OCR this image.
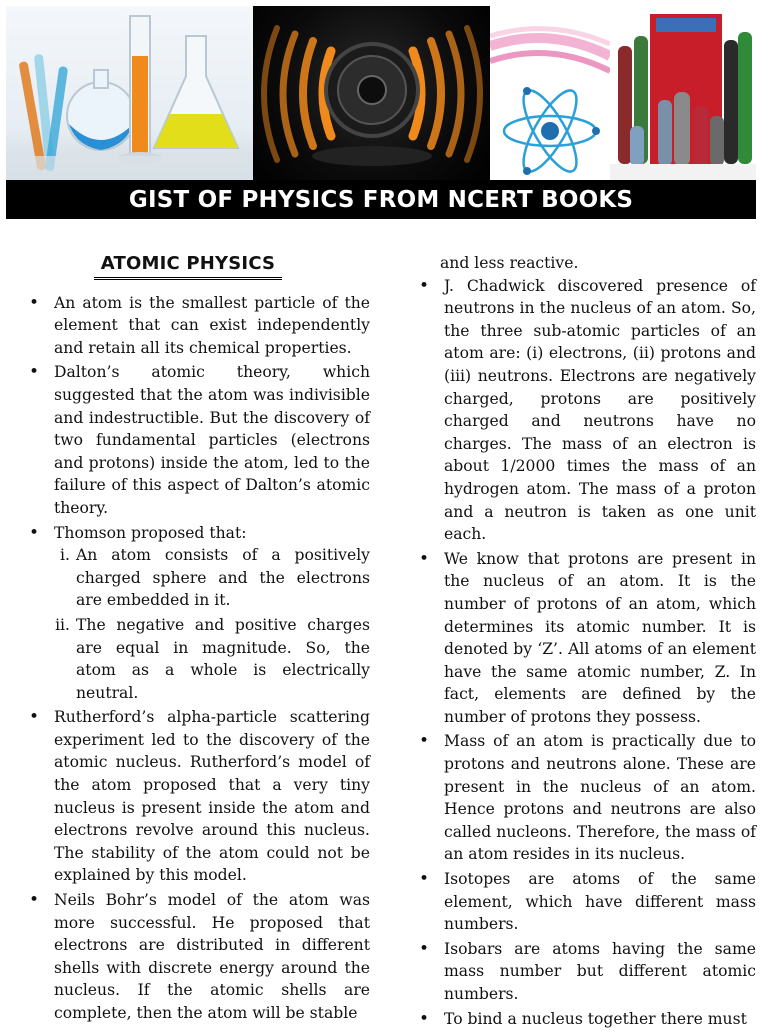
GIST OF PHYSICS FROM NCERT BOOKS
ATOMIC PHYSICS
• An atom is the smallest particle of the element that can exist independently and retain all its chemical properties.
• Dalton’s atomic theory, which suggested that the atom was indivisible and indestructible. But the discovery of two fundamental particles (electrons and protons) inside the atom, led to the failure of this aspect of Dalton’s atomic theory.
• Thomson proposed that:
i. An atom consists of a positively charged sphere and the electrons are embedded in it.
ii. The negative and positive charges are equal in magnitude. So, the atom as a whole is electrically neutral.
• Rutherford’s alpha-particle scattering experiment led to the discovery of the atomic nucleus. Rutherford’s model of the atom proposed that a very tiny nucleus is present inside the atom and electrons revolve around this nucleus. The stability of the atom could not be explained by this model.
• Neils Bohr’s model of the atom was more successful. He proposed that electrons are distributed in different shells with discrete energy around the nucleus. If the atomic shells are complete, then the atom will be stable
and less reactive.
• J. Chadwick discovered presence of neutrons in the nucleus of an atom. So, the three sub-atomic particles of an atom are: (i) electrons, (ii) protons and (iii) neutrons. Electrons are negatively charged, protons are positively charged and neutrons have no charges. The mass of an electron is about 1/2000 times the mass of an hydrogen atom. The mass of a proton and a neutron is taken as one unit each.
• We know that protons are present in the nucleus of an atom. It is the number of protons of an atom, which determines its atomic number. It is denoted by ‘Z’. All atoms of an element have the same atomic number, Z. In fact, elements are defined by the number of protons they possess.
• Mass of an atom is practically due to protons and neutrons alone. These are present in the nucleus of an atom. Hence protons and neutrons are also called nucleons. Therefore, the mass of an atom resides in its nucleus.
• Isotopes are atoms of the same element, which have different mass numbers.
• Isobars are atoms having the same mass number but different atomic numbers.
• To bind a nucleus together there must
